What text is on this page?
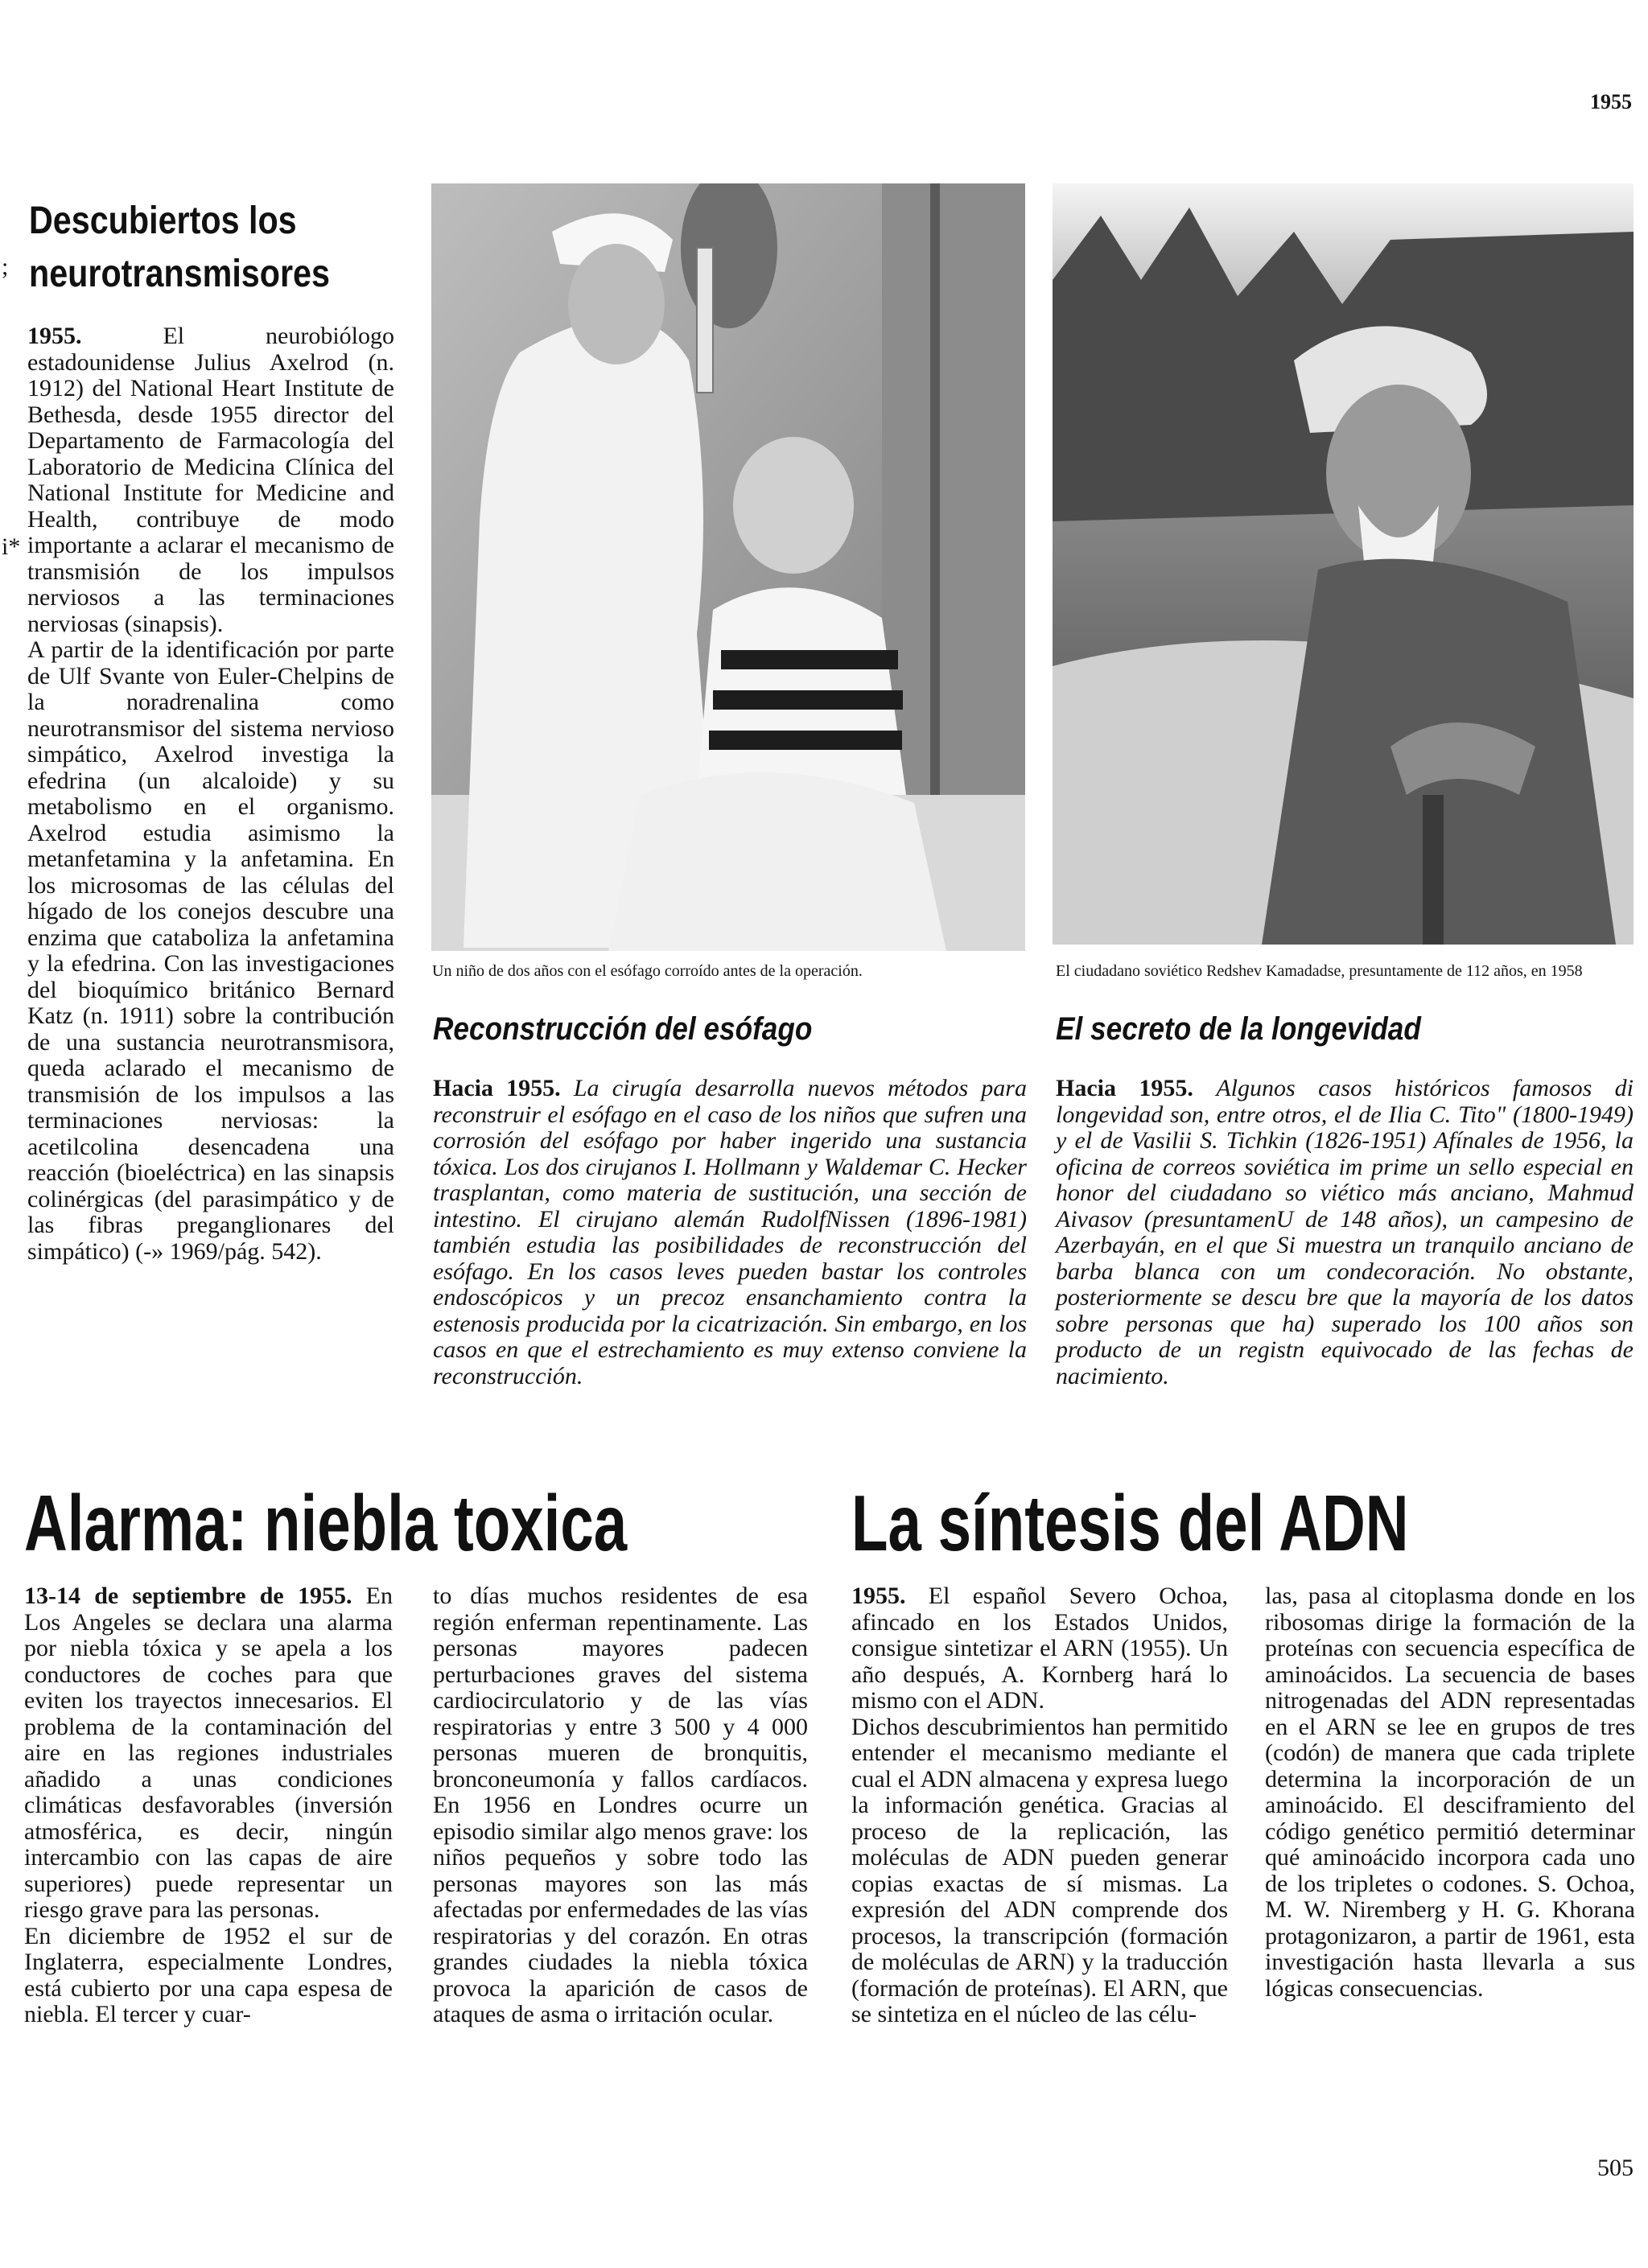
1955
505
;
i*
Descubiertos los
neurotransmisores

1955.	El neurobiólogo estadounidense Julius Axelrod (n. 1912) del National Heart Institute de Bethesda, desde 1955 director del Departamento de Farmacología del Laboratorio de Medicina Clínica del National Institute for Medicine and Health, contribuye de modo importante a aclarar el mecanismo de transmisión de los impulsos nerviosos a las terminaciones nerviosas (sinapsis).

A partir de la identificación por parte de Ulf Svante von Euler-Chelpins de la noradrenalina como neurotransmisor del sistema nervioso simpático, Axelrod investiga la efedrina (un alcaloide) y su metabolismo en el organismo. Axelrod estudia asimismo la metanfetamina y la anfetamina. En los microsomas de las células del hígado de los conejos descubre una enzima que cataboliza la anfetamina y la efedrina. Con las investigaciones del bioquímico británico Bernard Katz (n. 1911) sobre la contribución de una sustancia neurotransmisora, queda aclarado el mecanismo de transmisión de los impulsos a las terminaciones nerviosas: la acetilcolina desencadena una reacción (bioeléctrica) en las sinapsis colinérgicas (del parasimpático y de las fibras preganglionares del simpático) (-» 1969/pág. 542).

Un niño de dos años con el esófago corroído antes de la operación.	El ciudadano soviético Redshev Kamadadse, presuntamente de 112 años, en 1958
Reconstrucción del esófago

Hacia 1955. La cirugía desarrolla nuevos métodos para reconstruir el esófago en el caso de los niños que sufren una corrosión del esófago por haber ingerido una sustancia tóxica. Los dos cirujanos I. Hollmann y Waldemar C. Hecker trasplantan, como materia de sustitución, una sección de intestino. El cirujano alemán RudolfNissen (1896-1981) también estudia las posibilidades de reconstrucción del esófago. En los casos leves pueden bastar los controles endoscópicos y un precoz ensanchamiento contra la estenosis producida por la cicatrización. Sin embargo, en los casos en que el estrechamiento es muy extenso conviene la reconstrucción.

El secreto de la longevidad

Hacia 1955. Algunos casos históricos famosos di longevidad son, entre otros, el de Ilia C. Tito" (1800-1949) y el de Vasilii S. Tichkin (1826-1951) Afínales de 1956, la oficina de correos soviética im prime un sello especial en honor del ciudadano so viético más anciano, Mahmud Aivasov (presuntamenU de 148 años), un campesino de Azerbayán, en el que Si muestra un tranquilo anciano de barba blanca con um condecoración. No obstante, posteriormente se descu bre que la mayoría de los datos sobre personas que ha) superado los 100 años son producto de un registn equivocado de las fechas de nacimiento.

Alarma: niebla toxica

13-14 de septiembre de 1955. En Los Angeles se declara una alarma por niebla tóxica y se apela a los conductores de coches para que eviten los trayectos innecesarios. El problema de la contaminación del aire en las regiones industriales añadido a unas condiciones climáticas desfavorables (inversión atmosférica, es decir, ningún intercambio con las capas de aire superiores) puede representar un riesgo grave para las personas.

En diciembre de 1952 el sur de Inglaterra, especialmente Londres, está cubierto por una capa espesa de niebla. El tercer y cuar-

to días muchos residentes de esa región enferman repentinamente. Las personas mayores padecen perturbaciones graves del sistema cardiocirculatorio y de las vías respiratorias y entre 3 500 y 4 000 personas mueren de bronquitis, bronconeumonía y fallos cardíacos. En 1956 en Londres ocurre un episodio similar algo menos grave: los niños pequeños y sobre todo las personas mayores son las más afectadas por enfermedades de las vías respiratorias y del corazón. En otras grandes ciudades la niebla tóxica provoca la aparición de casos de ataques de asma o irritación ocular.

La síntesis del ADN

1955. El español Severo Ochoa, afincado en los Estados Unidos, consigue sintetizar el ARN (1955). Un año después, A. Kornberg hará lo mismo con el ADN.

Dichos descubrimientos han permitido entender el mecanismo mediante el cual el ADN almacena y expresa luego la información genética. Gracias al proceso de la replicación, las moléculas de ADN pueden generar copias exactas de sí mismas. La expresión del ADN comprende dos procesos, la transcripción (formación de moléculas de ARN) y la traducción (formación de proteínas). El ARN, que se sintetiza en el núcleo de las célu-

las, pasa al citoplasma donde en los ribosomas dirige la formación de la proteínas con secuencia específica de aminoácidos. La secuencia de bases nitrogenadas del ADN representadas en el ARN se lee en grupos de tres (codón) de manera que cada triplete determina la incorporación de un aminoácido. El desciframiento del código genético permitió determinar qué aminoácido incorpora cada uno de los tripletes o codones. S. Ochoa, M. W. Niremberg y H. G. Khorana protagonizaron, a partir de 1961, esta investigación hasta llevarla a sus lógicas consecuencias.
